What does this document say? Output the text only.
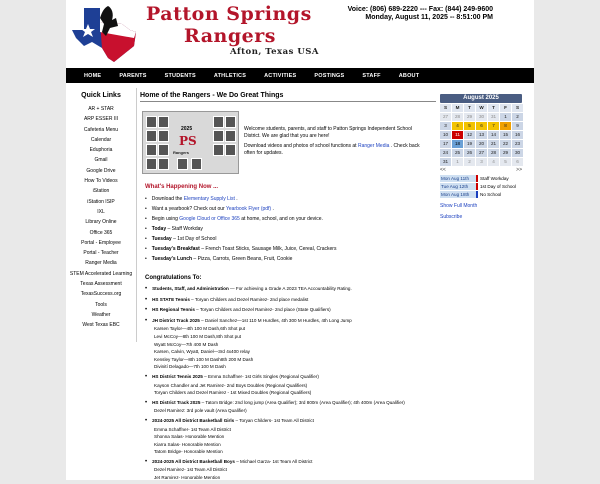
Patton Springs
Rangers
Afton, Texas USA
Voice: (806) 689-2220 --- Fax: (844) 249-9600
Monday, August 11, 2025 -- 8:51:00 PM
HOME	PARENTS	STUDENTS	ATHLETICS	ACTIVITIES	POSTINGS	STAFF	ABOUT
Quick Links
AR + STAR
ARP ESSER III
Cafeteria Menu
Calendar
Eduphoria
Gmail
Google Drive
How To Videos
iStation
iStation ISIP
IXL
Library Online
Office 365
Portal - Employee
Portal - Teacher
Ranger Media
STEM Accelerated Learning
Texas Assessment
TexasSuccess.org
Tools
Weather
West Texas EBC
Home of the Rangers - We Do Great Things
2025
PS
Rangers

Welcome students, parents, and staff to Patton Springs Independent School District. We are glad that you are here!

Download videos and photos of school functions at Ranger Media . Check back often for updates.

What's Happening Now ...
• Download the Elementary Supply List .
• Want a yearbook? Check out our Yearbook Flyer (pdf) .
• Begin using Google Cloud or Office 365 at home, school, and on your device.
• Today – Staff Workday
• Tuesday – 1st Day of School
• Tuesday's Breakfast – French Toast Sticks, Sausage Milk, Juice, Cereal, Crackers
• Tuesday's Lunch – Pizza, Carrots, Green Beans, Fruit, Cookie
Congratulations To:
• Students, Staff, and Administration — For achieving a Grade A 2023 TEA Accountability Rating.
• HS STATE Tennis – Toryan Childers and Dezel Ramirez- 2nd place medalist
• HS Regional Tennis – Toryan Childers and Dezel Ramirez- 2nd place (State Qualifiers)
• JH District Track 2025 – Daniel Sanchez—1st 110 M Hurdles, 4th 300 M Hurdles, 4th Long Jump
Karsen Taylor—4th 100 M Dash,6th Shot put
Levi McCoy—8th 100 M Dash,8th Shot put
Wyatt McCoy—7th 400 M Dash
Karsen, Calvin, Wyatt, Daniel—3rd 4x400 relay
Kensley Taylor—8th 100 M Dash8th 200 M Dash
Divinití Delagado—7th 100 M Dash
• HS District Tennis 2025 – Emma Schaffner- 1st Girls Singles (Regional Qualifier)
Kayson Chandler and Jet Ramirez- 2nd Boys Doubles (Regional Qualifiers)
Toryan Childers and Dezel Ramirez - 1st Mixed Doubles (Regional Qualifiers)
• HS District Track 2025 – Tatom Bridge: 2nd long jump (Area Qualifier); 3rd 800m (Area Qualifier); 4th 400m (Area Qualifier)
Dezel Ramirez: 3rd pole vault (Area Qualifier)
• 2024-2025 All District Basketball Girls – Toryan Childers- 1st Team All District
Emma Schaffner- 1st Team All District
Shonna Salas- Honorable Mention
Kiarra Salas- Honorable Mention
Tatom Bridge- Honorable Mention
• 2024-2025 All District Basketball Boys – Michael Garza- 1st Team All District
Dezel Ramirez- 1st Team All District
Jet Ramirez- Honorable Mention
August 2025
S	M	T	W	T	F	S
27	28	29	30	31	1	2
3	4	5	6	7	8	9
10	11	12	13	14	15	16
17	18	19	20	21	22	23
24	25	26	27	28	29	30
31	1	2	3	4	5	6
<<	>>
Mon Aug 11th	Staff Workday
Tue Aug 12th	1st Day of School
Mon Aug 18th	No School
Show Full Month
Subscribe
